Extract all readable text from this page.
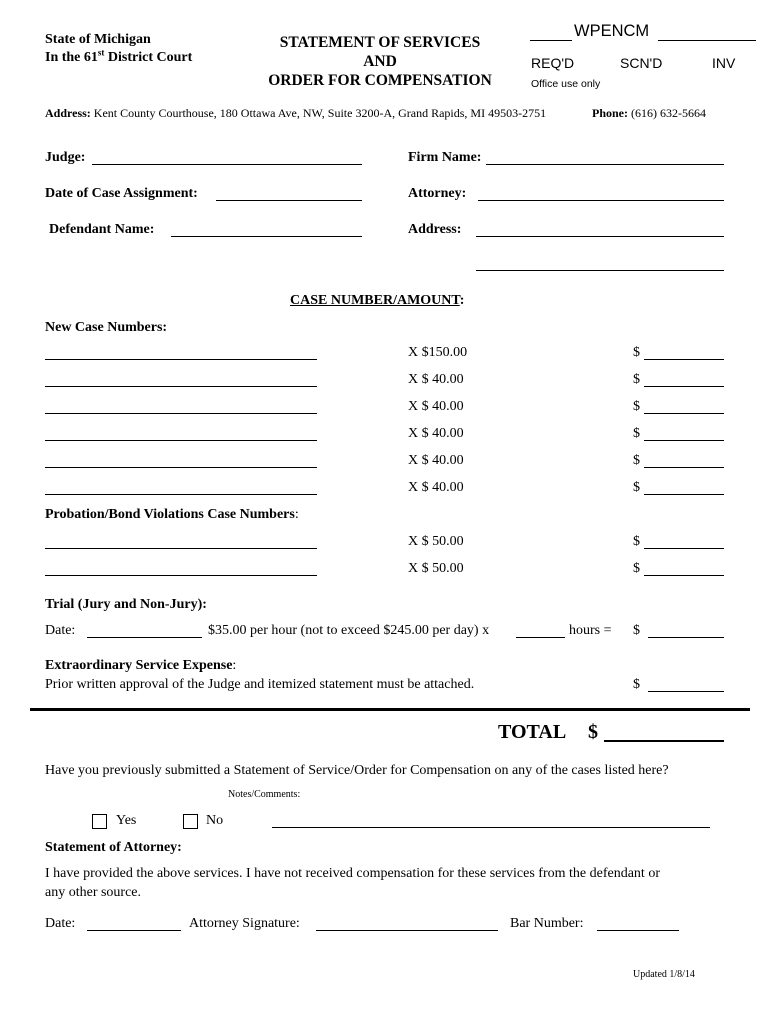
State of Michigan
In the 61st District Court
STATEMENT OF SERVICES
AND
ORDER FOR COMPENSATION
WPENCM
REQ'D	SCN'D	INV
Office use only
Address: Kent County Courthouse, 180 Ottawa Ave, NW, Suite 3200-A, Grand Rapids, MI 49503-2751	Phone: (616) 632-5664
Judge:	Firm Name:
Date of Case Assignment:	Attorney:
Defendant Name:	Address:
CASE NUMBER/AMOUNT:
New Case Numbers:
X $150.00	$
X $ 40.00	$
X $ 40.00	$
X $ 40.00	$
X $ 40.00	$
X $ 40.00	$
Probation/Bond Violations Case Numbers:
X $ 50.00	$
X $ 50.00	$
Trial (Jury and Non-Jury):
Date:	$35.00 per hour (not to exceed $245.00 per day) x	hours = $
Extraordinary Service Expense:
Prior written approval of the Judge and itemized statement must be attached.	$
TOTAL $
Have you previously submitted a Statement of Service/Order for Compensation on any of the cases listed here?
Notes/Comments:
Yes	No
Statement of Attorney:
I have provided the above services. I have not received compensation for these services from the defendant or
any other source.
Date:	Attorney Signature:	Bar Number:
Updated 1/8/14
